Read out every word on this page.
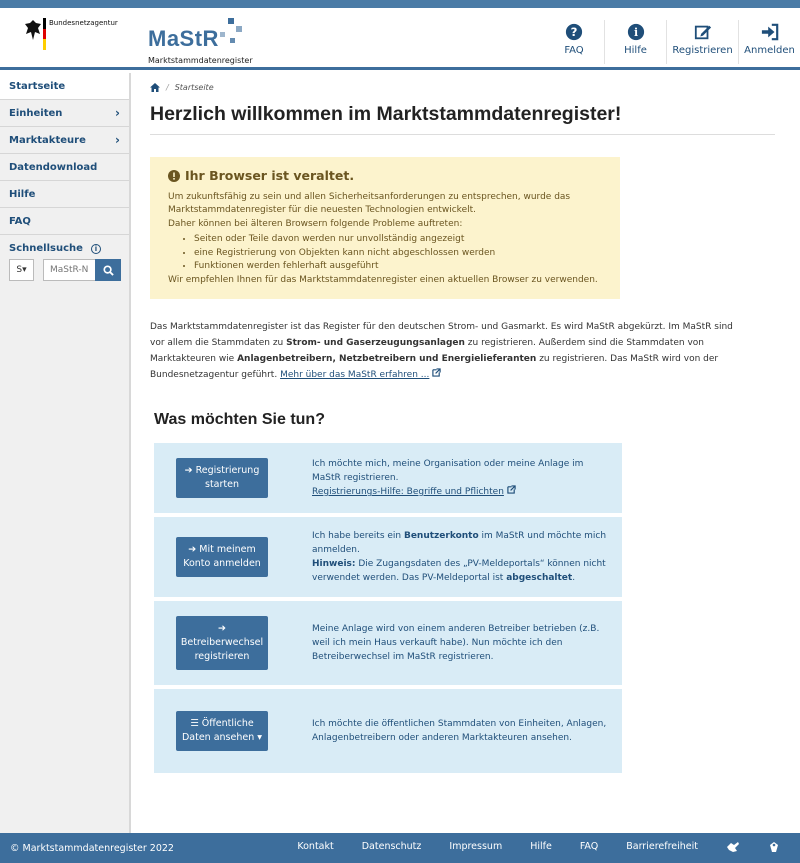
Bundesnetzagentur
MaStR
Marktstammdatenregister
?
FAQ
i
Hilfe	Registrieren Anmelden
Startseite
Einheiten	›
Marktakteure ›
Datendownload
Hilfe
FAQ
Schnellsuche	i
S▾
MaStR-N
/ Startseite
Herzlich willkommen im Marktstammdatenregister!
Ihr Browser ist veraltet.

Um zukunftsfähig zu sein und allen Sicherheitsanforderungen zu entsprechen, wurde das Marktstammdatenregister für die neuesten Technologien entwickelt.

Daher können bei älteren Browsern folgende Probleme auftreten:

• Seiten oder Teile davon werden nur unvollständig angezeigt
• eine Registrierung von Objekten kann nicht abgeschlossen werden
• Funktionen werden fehlerhaft ausgeführt

Wir empfehlen Ihnen für das Marktstammdatenregister einen aktuellen Browser zu verwenden.

Das Marktstammdatenregister ist das Register für den deutschen Strom- und Gasmarkt. Es wird MaStR abgekürzt. Im MaStR sind vor allem die Stammdaten zu Strom- und Gaserzeugungsanlagen zu registrieren. Außerdem sind die Stammdaten von Marktakteuren wie Anlagenbetreibern, Netzbetreibern und Energielieferanten zu registrieren. Das MaStR wird von der Bundesnetzagentur geführt. Mehr über das MaStR erfahren ...

Was möchten Sie tun?
➔ Registrierung starten
Ich möchte mich, meine Organisation oder meine Anlage im MaStR registrieren.
Registrierungs-Hilfe: Begriffe und Pflichten
➔ Mit meinem Konto anmelden
Ich habe bereits ein Benutzerkonto im MaStR und möchte mich anmelden.
Hinweis: Die Zugangsdaten des „PV-Meldeportals“ können nicht verwendet werden. Das PV-Meldeportal ist abgeschaltet.
➔
Betreiberwechsel registrieren
Meine Anlage wird von einem anderen Betreiber betrieben (z.B. weil ich mein Haus verkauft habe). Nun möchte ich den Betreiberwechsel im MaStR registrieren.
☰ Öffentliche Daten ansehen ▾
Ich möchte die öffentlichen Stammdaten von Einheiten, Anlagen, Anlagenbetreibern oder anderen Marktakteuren ansehen.
© Marktstammdatenregister 2022	Kontakt	Datenschutz	Impressum	Hilfe	FAQ	Barrierefreiheit
